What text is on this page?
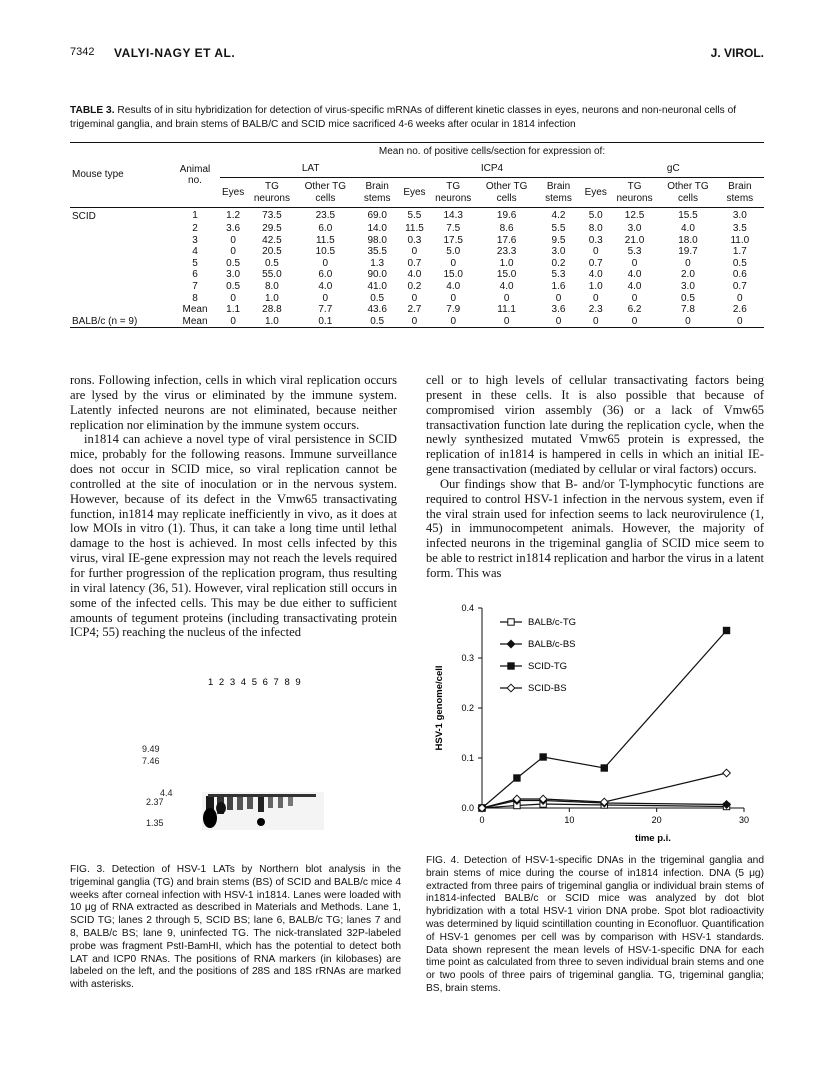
7342 VALYI-NAGY ET AL.	J. VIROL.
TABLE 3. Results of in situ hybridization for detection of virus-specific mRNAs of different kinetic classes in eyes, neurons and non-neuronal cells of trigeminal ganglia, and brain stems of BALB/C and SCID mice sacrificed 4-6 weeks after ocular in 1814 infection
Mouse type	Animal no.	Mean no. of positive cells/section for expression of:											
		LAT				ICP4				gC			
		Eyes	TG neurons	Other TG cells	Brain stems	Eyes	TG neurons	Other TG cells	Brain stems	Eyes	TG neurons	Other TG cells	Brain stems
SCID	1	1.2	73.5	23.5	69.0	5.5	14.3	19.6	4.2	5.0	12.5	15.5	3.0
	2	3.6	29.5	6.0	14.0	11.5	7.5	8.6	5.5	8.0	3.0	4.0	3.5
	3	0	42.5	11.5	98.0	0.3	17.5	17.6	9.5	0.3	21.0	18.0	11.0
	4	0	20.5	10.5	35.5	0	5.0	23.3	3.0	0	5.3	19.7	1.7
	5	0.5	0.5	0	1.3	0.7	0	1.0	0.2	0.7	0	0	0.5
	6	3.0	55.0	6.0	90.0	4.0	15.0	15.0	5.3	4.0	4.0	2.0	0.6
	7	0.5	8.0	4.0	41.0	0.2	4.0	4.0	1.6	1.0	4.0	3.0	0.7
	8	0	1.0	0	0.5	0	0	0	0	0	0	0.5	0
	Mean	1.1	28.8	7.7	43.6	2.7	7.9	11.1	3.6	2.3	6.2	7.8	2.6
BALB/c (n = 9)	Mean	0	1.0	0.1	0.5	0	0	0	0	0	0	0	0

rons. Following infection, cells in which viral replication occurs are lysed by the virus or eliminated by the immune system. Latently infected neurons are not eliminated, because neither replication nor elimination by the immune system occurs.

in1814 can achieve a novel type of viral persistence in SCID mice, probably for the following reasons. Immune surveillance does not occur in SCID mice, so viral replication cannot be controlled at the site of inoculation or in the nervous system. However, because of its defect in the Vmw65 transactivating function, in1814 may replicate inefficiently in vivo, as it does at low MOIs in vitro (1). Thus, it can take a long time until lethal damage to the host is achieved. In most cells infected by this virus, viral IE-gene expression may not reach the levels required for further progression of the replication program, thus resulting in viral latency (36, 51). However, viral replication still occurs in some of the infected cells. This may be due either to sufficient amounts of tegument proteins (including transactivating protein ICP4; 55) reaching the nucleus of the infected

cell or to high levels of cellular transactivating factors being present in these cells. It is also possible that because of compromised virion assembly (36) or a lack of Vmw65 transactivation function late during the replication cycle, when the newly synthesized mutated Vmw65 protein is expressed, the replication of in1814 is hampered in cells in which an initial IE-gene transactivation (mediated by cellular or viral factors) occurs.

Our findings show that B- and/or T-lymphocytic functions are required to control HSV-1 infection in the nervous system, even if the viral strain used for infection seems to lack neurovirulence (1, 45) in immunocompetent animals. However, the majority of infected neurons in the trigeminal ganglia of SCID mice seem to be able to restrict in1814 replication and harbor the virus in a latent form. This was

1 2 3 4 5 6 7 8 9
9.49
7.46
4.4
2.37
1.35
FIG. 3. Detection of HSV-1 LATs by Northern blot analysis in the trigeminal ganglia (TG) and brain stems (BS) of SCID and BALB/c mice 4 weeks after corneal infection with HSV-1 in1814. Lanes were loaded with 10 μg of RNA extracted as described in Materials and Methods. Lane 1, SCID TG; lanes 2 through 5, SCID BS; lane 6, BALB/c TG; lanes 7 and 8, BALB/c BS; lane 9, uninfected TG. The nick-translated 32P-labeled probe was fragment PstI-BamHI, which has the potential to detect both LAT and ICP0 RNAs. The positions of RNA markers (in kilobases) are labeled on the left, and the positions of 28S and 18S rRNAs are marked with asterisks.
0.0
0.1
0.2
0.3
0.4
0	10	20	30
time p.i.
HSV-1 genome/cell
BALB/c-TG
BALB/c-BS
SCID-TG
SCID-BS
FIG. 4. Detection of HSV-1-specific DNAs in the trigeminal ganglia and brain stems of mice during the course of in1814 infection. DNA (5 μg) extracted from three pairs of trigeminal ganglia or individual brain stems of in1814-infected BALB/c or SCID mice was analyzed by dot blot hybridization with a total HSV-1 virion DNA probe. Spot blot radioactivity was determined by liquid scintillation counting in Econofluor. Quantification of HSV-1 genomes per cell was by comparison with HSV-1 standards. Data shown represent the mean levels of HSV-1-specific DNA for each time point as calculated from three to seven individual brain stems and one or two pools of three pairs of trigeminal ganglia. TG, trigeminal ganglia; BS, brain stems.
